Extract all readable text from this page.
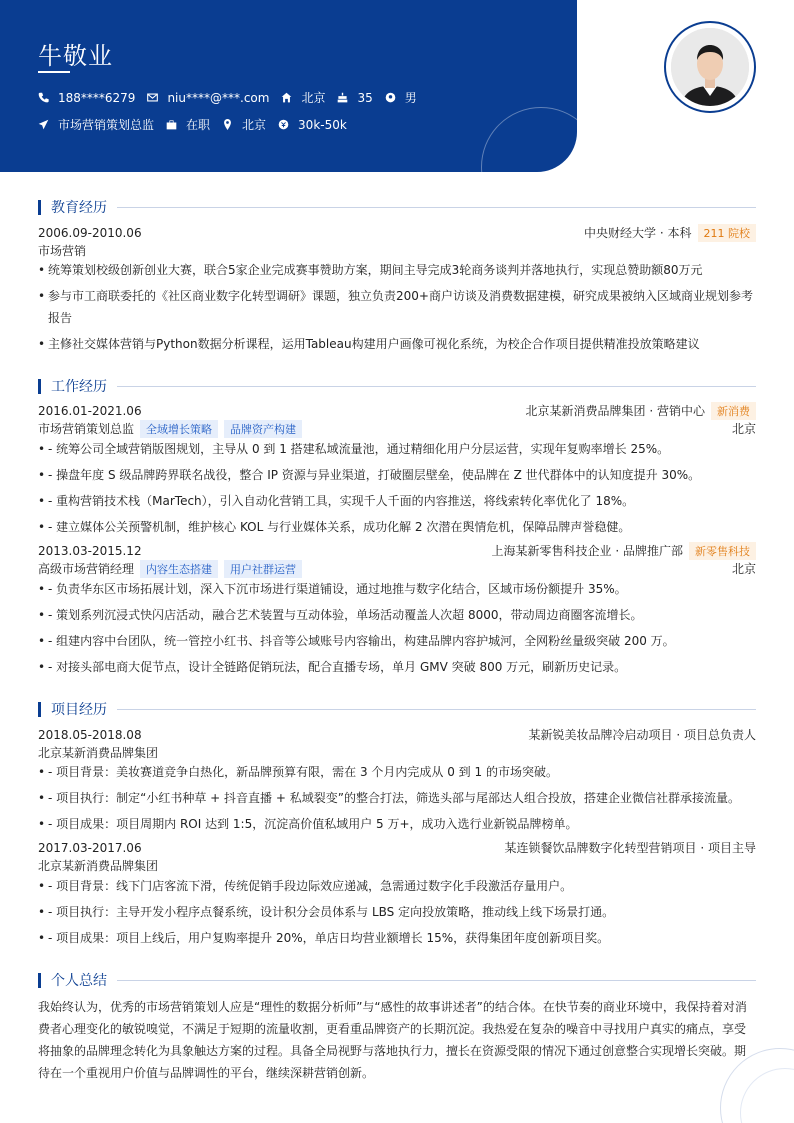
牛敬业
188****6279	niu****@***.com	北京	35	男
市场营销策划总监	在职	北京	30k-50k
教育经历
2006.09-2010.06	中央财经大学 · 本科	211 院校
市场营销
• 统筹策划校级创新创业大赛，联合5家企业完成赛事赞助方案，期间主导完成3轮商务谈判并落地执行，实现总赞助额80万元
• 参与市工商联委托的《社区商业数字化转型调研》课题，独立负责200+商户访谈及消费数据建模，研究成果被纳入区域商业规划参考报告
• 主修社交媒体营销与Python数据分析课程，运用Tableau构建用户画像可视化系统，为校企合作项目提供精准投放策略建议
工作经历
2016.01-2021.06	北京某新消费品牌集团 · 营销中心	新消费
市场营销策划总监	全域增长策略	品牌资产构建	北京
• - 统筹公司全域营销版图规划，主导从 0 到 1 搭建私域流量池，通过精细化用户分层运营，实现年复购率增长 25%。
• - 操盘年度 S 级品牌跨界联名战役，整合 IP 资源与异业渠道，打破圈层壁垒，使品牌在 Z 世代群体中的认知度提升 30%。
• - 重构营销技术栈（MarTech），引入自动化营销工具，实现千人千面的内容推送，将线索转化率优化了 18%。
• - 建立媒体公关预警机制，维护核心 KOL 与行业媒体关系，成功化解 2 次潜在舆情危机，保障品牌声誉稳健。
2013.03-2015.12	上海某新零售科技企业 · 品牌推广部	新零售科技
高级市场营销经理	内容生态搭建	用户社群运营	北京
• - 负责华东区市场拓展计划，深入下沉市场进行渠道铺设，通过地推与数字化结合，区域市场份额提升 35%。
• - 策划系列沉浸式快闪店活动，融合艺术装置与互动体验，单场活动覆盖人次超 8000，带动周边商圈客流增长。
• - 组建内容中台团队，统一管控小红书、抖音等公域账号内容输出，构建品牌内容护城河，全网粉丝量级突破 200 万。
• - 对接头部电商大促节点，设计全链路促销玩法，配合直播专场，单月 GMV 突破 800 万元，刷新历史记录。
项目经历
2018.05-2018.08	某新锐美妆品牌冷启动项目 · 项目总负责人
北京某新消费品牌集团
• - 项目背景：美妆赛道竞争白热化，新品牌预算有限，需在 3 个月内完成从 0 到 1 的市场突破。
• - 项目执行：制定“小红书种草 + 抖音直播 + 私域裂变”的整合打法，筛选头部与尾部达人组合投放，搭建企业微信社群承接流量。
• - 项目成果：项目周期内 ROI 达到 1:5，沉淀高价值私域用户 5 万+，成功入选行业新锐品牌榜单。
2017.03-2017.06	某连锁餐饮品牌数字化转型营销项目 · 项目主导
北京某新消费品牌集团
• - 项目背景：线下门店客流下滑，传统促销手段边际效应递减，急需通过数字化手段激活存量用户。
• - 项目执行：主导开发小程序点餐系统，设计积分会员体系与 LBS 定向投放策略，推动线上线下场景打通。
• - 项目成果：项目上线后，用户复购率提升 20%，单店日均营业额增长 15%，获得集团年度创新项目奖。
个人总结
我始终认为，优秀的市场营销策划人应是“理性的数据分析师”与“感性的故事讲述者”的结合体。在快节奏的商业环境中，我保持着对消费者心理变化的敏锐嗅觉，不满足于短期的流量收割，更看重品牌资产的长期沉淀。我热爱在复杂的噪音中寻找用户真实的痛点，享受将抽象的品牌理念转化为具象触达方案的过程。具备全局视野与落地执行力，擅长在资源受限的情况下通过创意整合实现增长突破。期待在一个重视用户价值与品牌调性的平台，继续深耕营销创新。
